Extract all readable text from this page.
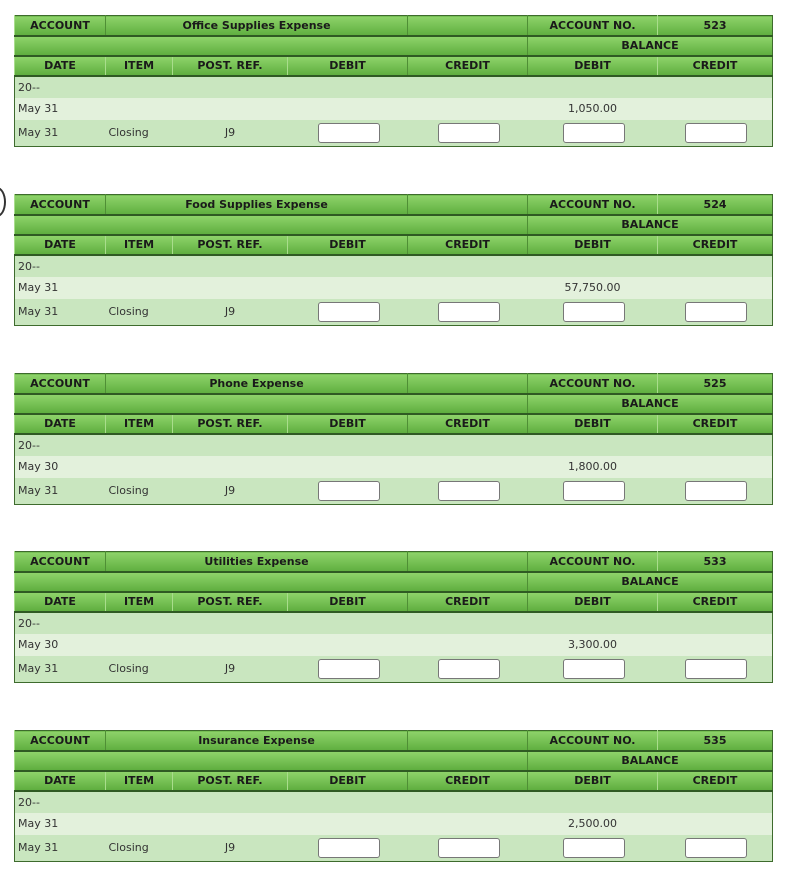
ACCOUNT	Office Supplies Expense				ACCOUNT NO.	523
					BALANCE	
DATE	ITEM	POST. REF.	DEBIT	CREDIT	DEBIT	CREDIT
20--						
May 31					1,050.00	
May 31	Closing	J9	

ACCOUNT	Food Supplies Expense				ACCOUNT NO.	524
					BALANCE	
DATE	ITEM	POST. REF.	DEBIT	CREDIT	DEBIT	CREDIT
20--						
May 31					57,750.00	
May 31	Closing	J9	

ACCOUNT	Phone Expense				ACCOUNT NO.	525
					BALANCE	
DATE	ITEM	POST. REF.	DEBIT	CREDIT	DEBIT	CREDIT
20--						
May 30					1,800.00	
May 31	Closing	J9	

ACCOUNT	Utilities Expense				ACCOUNT NO.	533
					BALANCE	
DATE	ITEM	POST. REF.	DEBIT	CREDIT	DEBIT	CREDIT
20--						
May 30					3,300.00	
May 31	Closing	J9	

ACCOUNT	Insurance Expense				ACCOUNT NO.	535
					BALANCE	
DATE	ITEM	POST. REF.	DEBIT	CREDIT	DEBIT	CREDIT
20--						
May 31					2,500.00	
May 31	Closing	J9	
